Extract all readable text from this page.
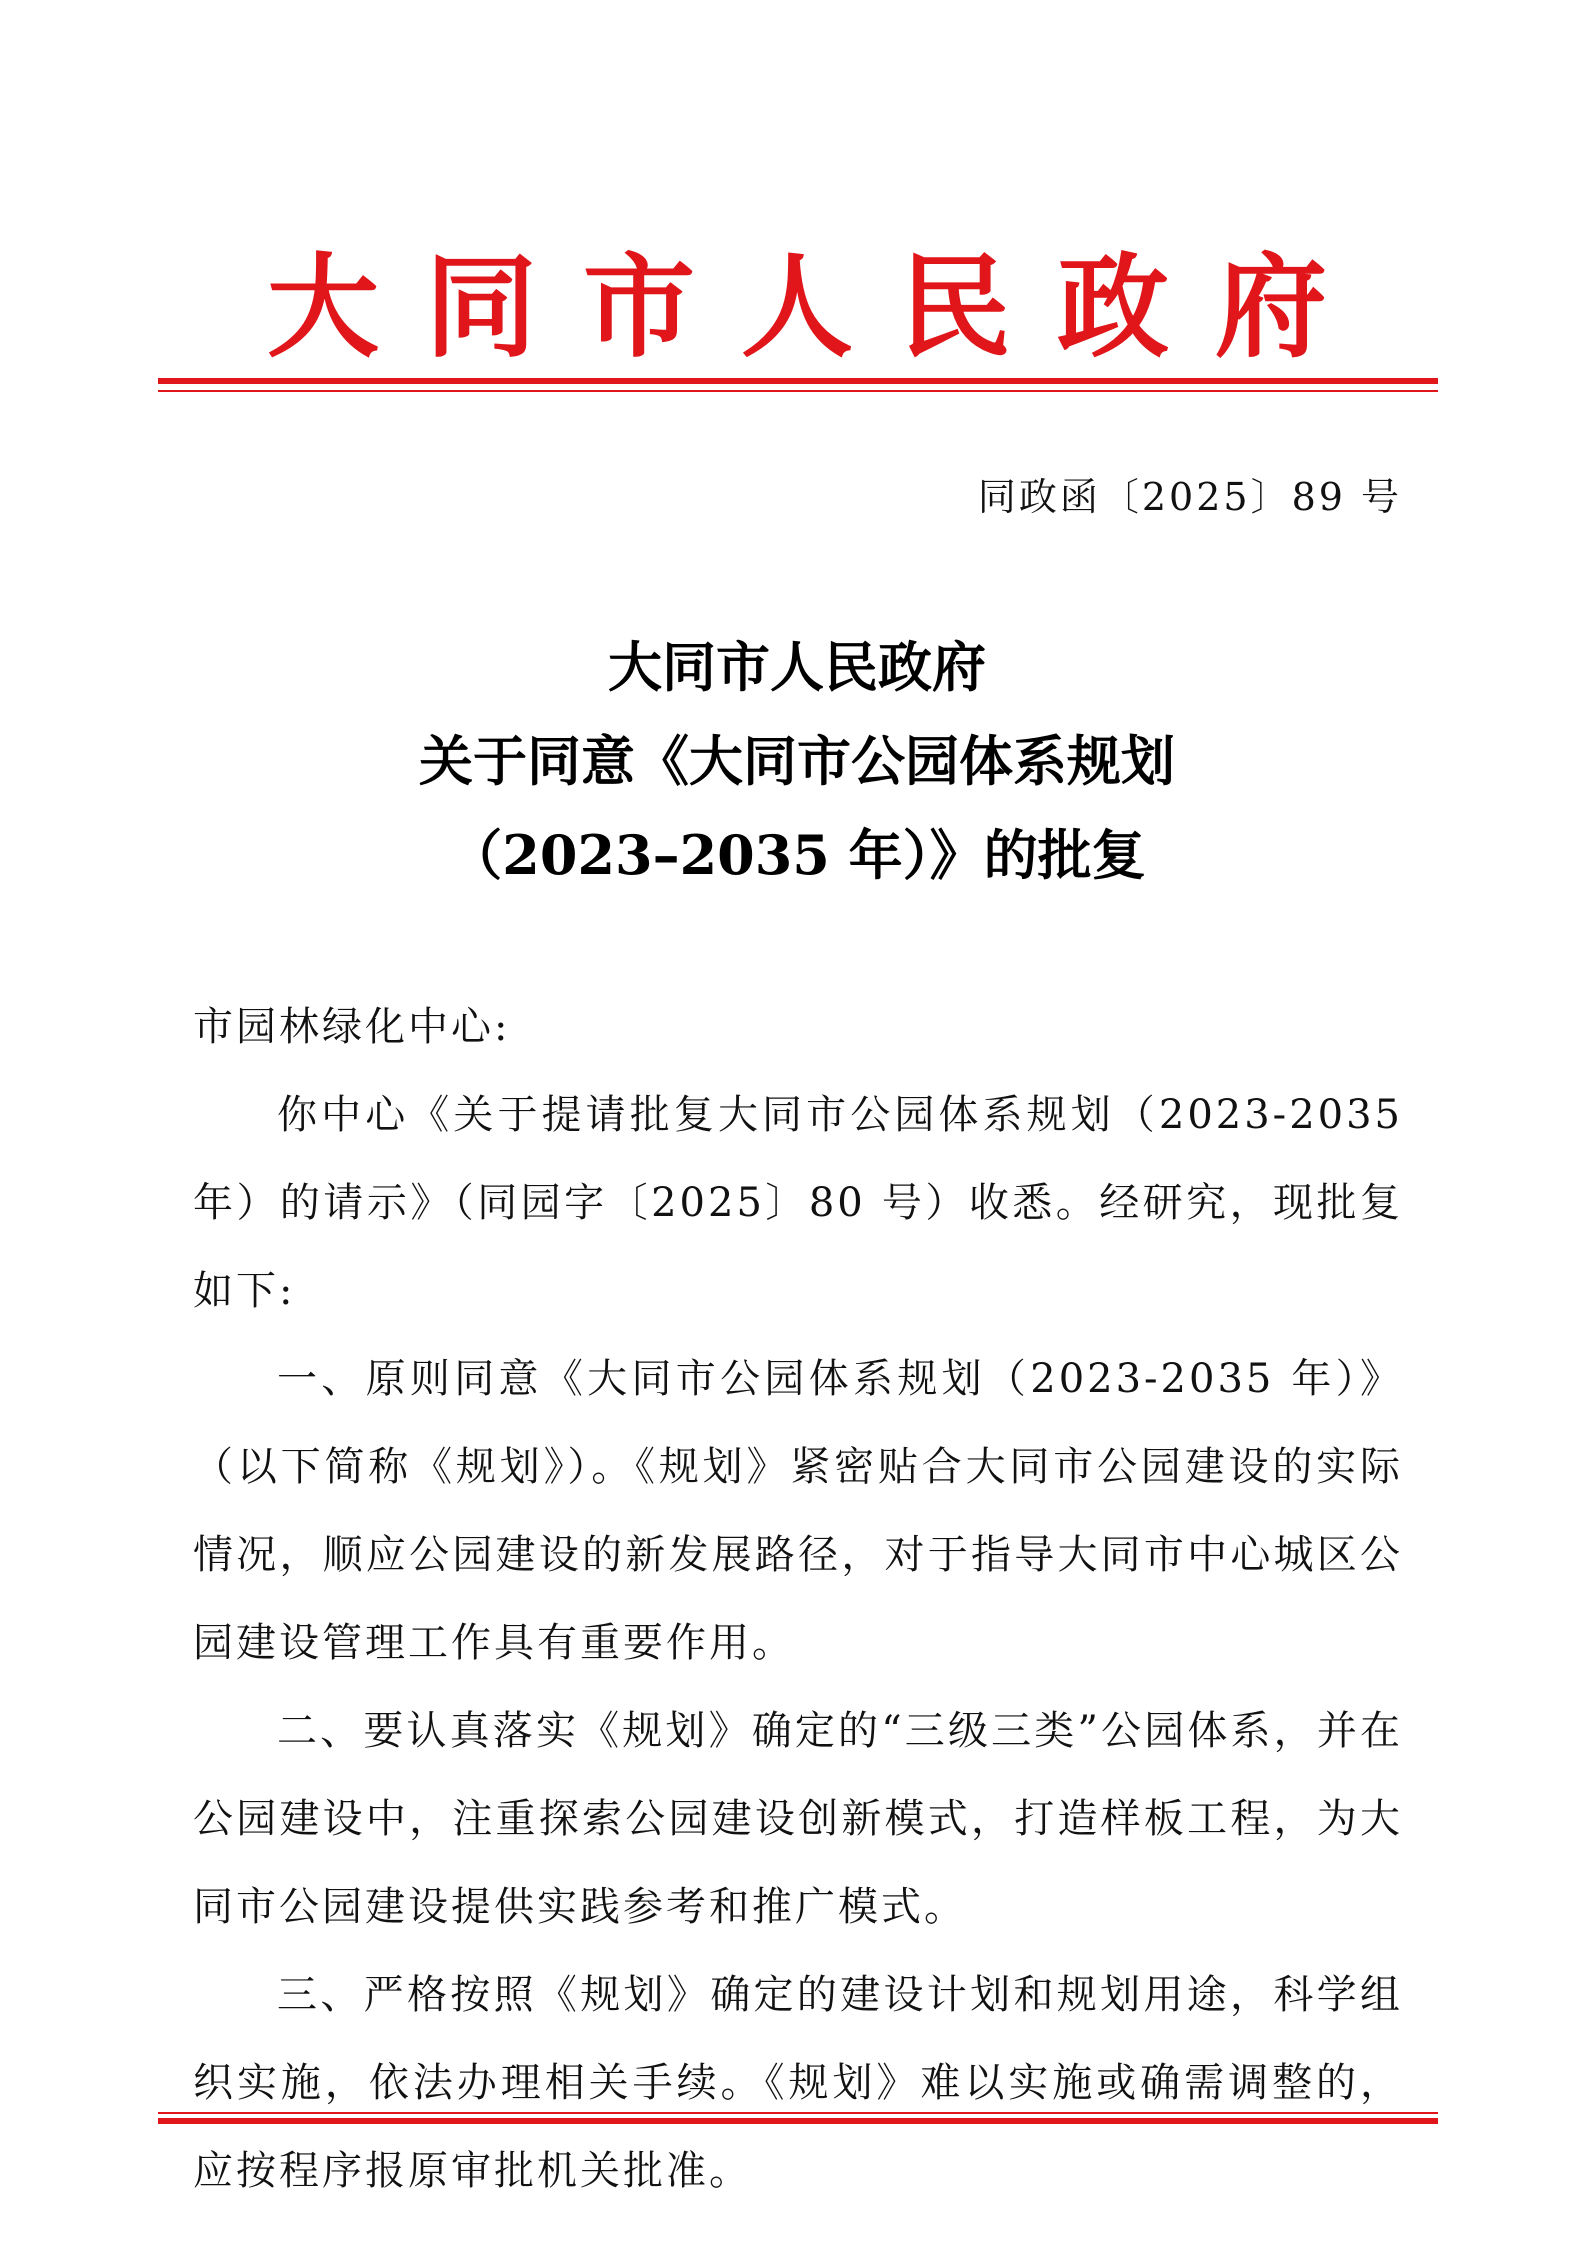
大同市人民政府
同政函〔2025〕89 号
大同市人民政府
关于同意《大同市公园体系规划
（2023–2035 年）》的批复

市园林绿化中心:

你中心《关于提请批复大同市公园体系规划（2023-2035 年）的请示》（同园字〔2025〕80 号）收悉。经研究，现批复如下:

一、原则同意《大同市公园体系规划（2023-2035 年）》（以下简称《规划》）。《规划》紧密贴合大同市公园建设的实际情况，顺应公园建设的新发展路径，对于指导大同市中心城区公园建设管理工作具有重要作用。

二、要认真落实《规划》确定的“三级三类”公园体系，并在公园建设中，注重探索公园建设创新模式，打造样板工程，为大同市公园建设提供实践参考和推广模式。

三、严格按照《规划》确定的建设计划和规划用途，科学组织实施，依法办理相关手续。《规划》难以实施或确需调整的，应按程序报原审批机关批准。
